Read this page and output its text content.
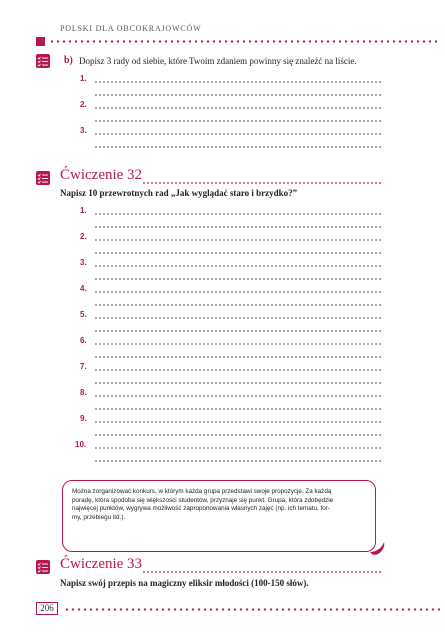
POLSKI DLA OBCOKRAJOWCÓW
b) Dopisz 3 rady od siebie, które Twoim zdaniem powinny się znaleźć na liście.
1.
2.
3.
Ćwiczenie 32
Napisz 10 przewrotnych rad „Jak wyglądać staro i brzydko?”
1.
2.
3.
4.
5.
6.
7.
8.
9.
10.

Można zorganizować konkurs, w którym każda grupa przedstawi swoje propozycje. Za każdą

poradę, która spodoba się większości studentów, przyznaje się punkt. Grupa, która zdobędzie

najwięcej punktów, wygrywa możliwość zaproponowania własnych zajęć (np. ich tematu, for-

my, przebiegu itd.).

Ćwiczenie 33
Napisz swój przepis na magiczny eliksir młodości (100-150 słów).
206
